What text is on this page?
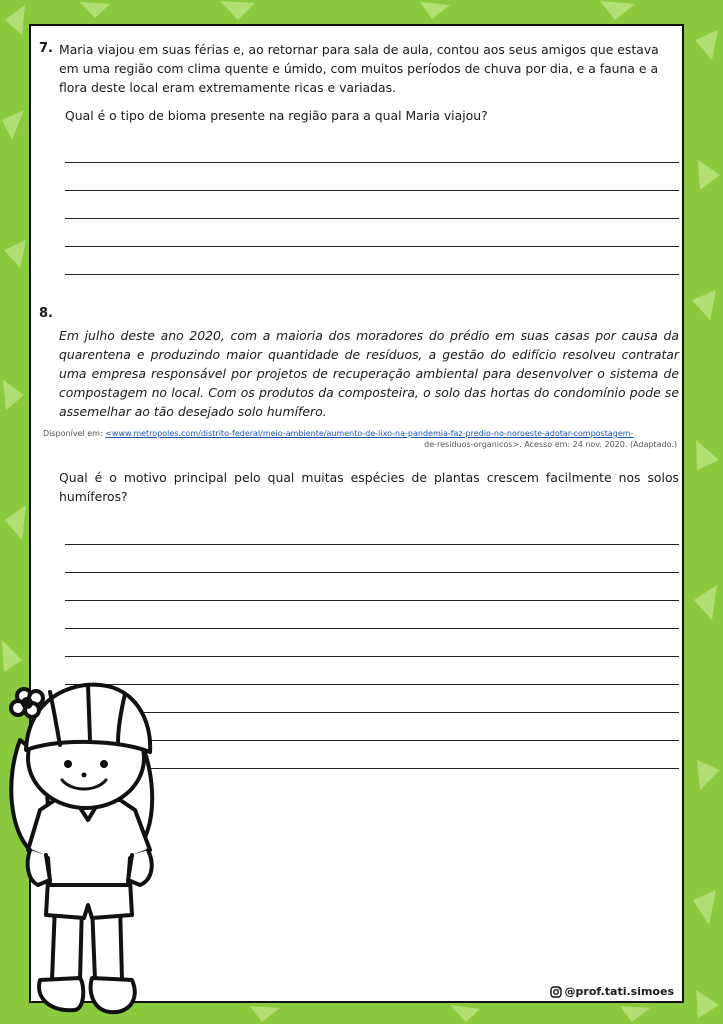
7. Maria viajou em suas férias e, ao retornar para sala de aula, contou aos seus amigos que estava em uma região com clima quente e úmido, com muitos períodos de chuva por dia, e a fauna e a flora deste local eram extremamente ricas e variadas.

Qual é o tipo de bioma presente na região para a qual Maria viajou?

8.

Em julho deste ano 2020, com a maioria dos moradores do prédio em suas casas por causa da quarentena e produzindo maior quantidade de resíduos, a gestão do edifício resolveu contratar uma empresa responsável por projetos de recuperação ambiental para desenvolver o sistema de compostagem no local. Com os produtos da composteira, o solo das hortas do condomínio pode se assemelhar ao tão desejado solo humífero.

Disponível em: <www.metropoles.com/distrito-federal/meio-ambiente/aumento-de-lixo-na-pandemia-faz-predio-no-noroeste-adotar-compostagem-
de-residuos-organicos>. Acesso em: 24 nov. 2020. (Adaptado.)

Qual é o motivo principal pelo qual muitas espécies de plantas crescem facilmente nos solos humíferos?

@prof.tati.simoes
